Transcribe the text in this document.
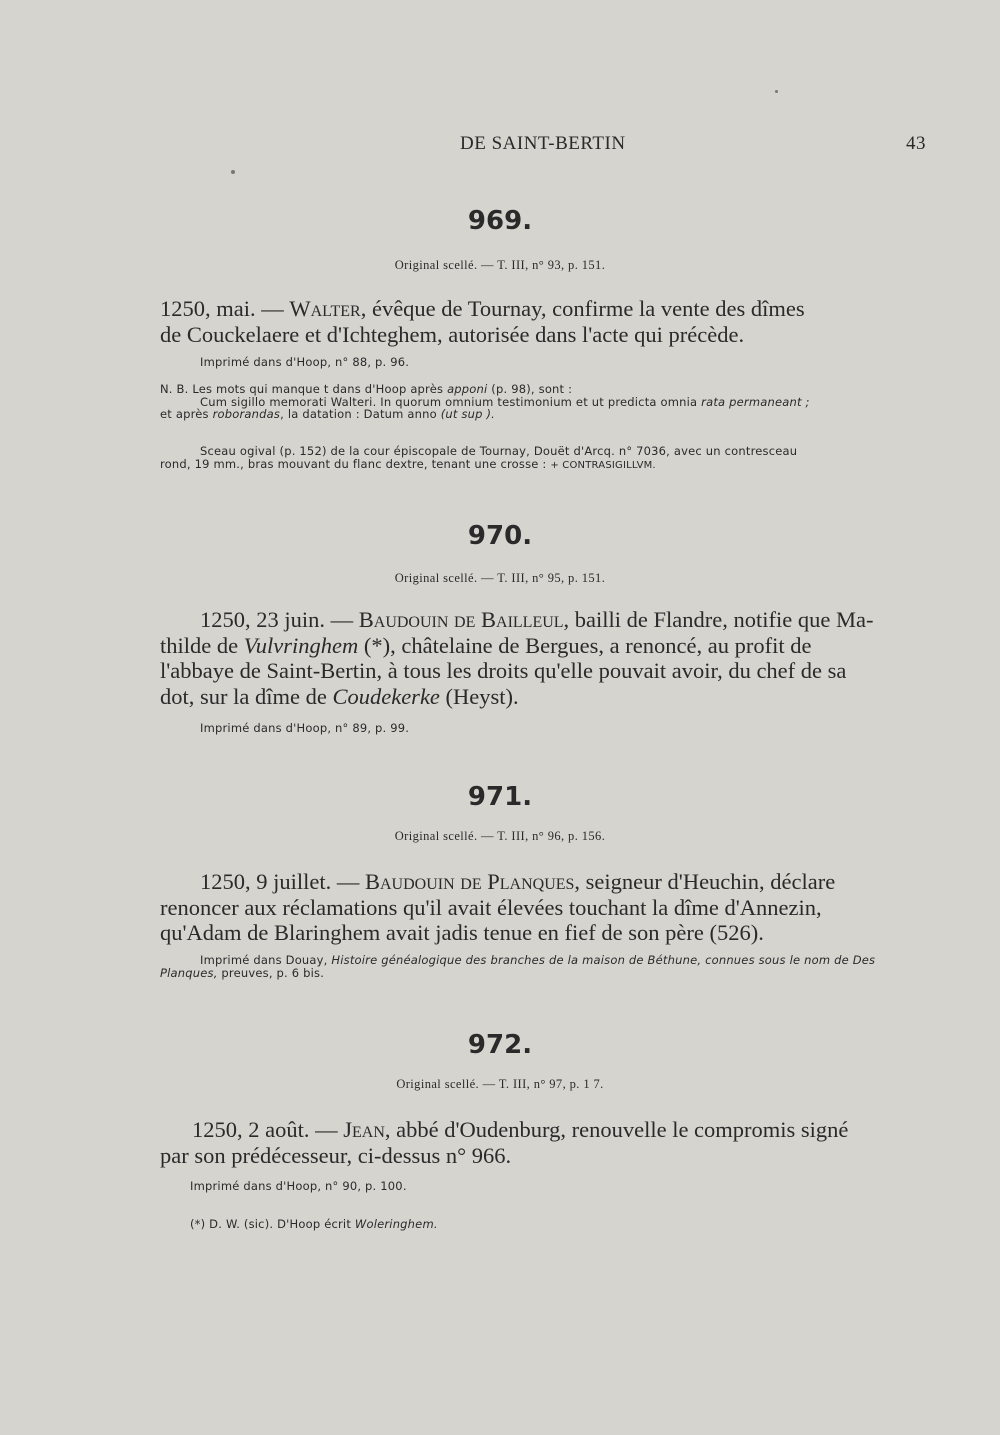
DE SAINT-BERTIN	43
969.
Original scellé. — T. III, n° 93, p. 151.
1250, mai. — Walter, évêque de Tournay, confirme la vente des dîmes
de Couckelaere et d'Ichteghem, autorisée dans l'acte qui précède.
Imprimé dans d'Hoop, n° 88, p. 96.
N. B. Les mots qui manque t dans d'Hoop après apponi (p. 98), sont :
Cum sigillo memorati Walteri. In quorum omnium testimonium et ut predicta omnia rata permaneant ;
et après roborandas, la datation : Datum anno (ut sup ).
Sceau ogival (p. 152) de la cour épiscopale de Tournay, Douët d'Arcq. n° 7036, avec un contresceau
rond, 19 mm., bras mouvant du flanc dextre, tenant une crosse : + CONTRASIGILLVM.
970.
Original scellé. — T. III, n° 95, p. 151.
1250, 23 juin. — Baudouin de Bailleul, bailli de Flandre, notifie que Ma-
thilde de Vulvringhem (*), châtelaine de Bergues, a renoncé, au profit de
l'abbaye de Saint-Bertin, à tous les droits qu'elle pouvait avoir, du chef de sa
dot, sur la dîme de Coudekerke (Heyst).
Imprimé dans d'Hoop, n° 89, p. 99.
971.
Original scellé. — T. III, n° 96, p. 156.
1250, 9 juillet. — Baudouin de Planques, seigneur d'Heuchin, déclare
renoncer aux réclamations qu'il avait élevées touchant la dîme d'Annezin,
qu'Adam de Blaringhem avait jadis tenue en fief de son père (526).
Imprimé dans Douay, Histoire généalogique des branches de la maison de Béthune, connues sous le nom de Des
Planques, preuves, p. 6 bis.
972.
Original scellé. — T. III, n° 97, p. 1 7.
1250, 2 août. — Jean, abbé d'Oudenburg, renouvelle le compromis signé
par son prédécesseur, ci-dessus n° 966.
Imprimé dans d'Hoop, n° 90, p. 100.
(*) D. W. (sic). D'Hoop écrit Woleringhem.
